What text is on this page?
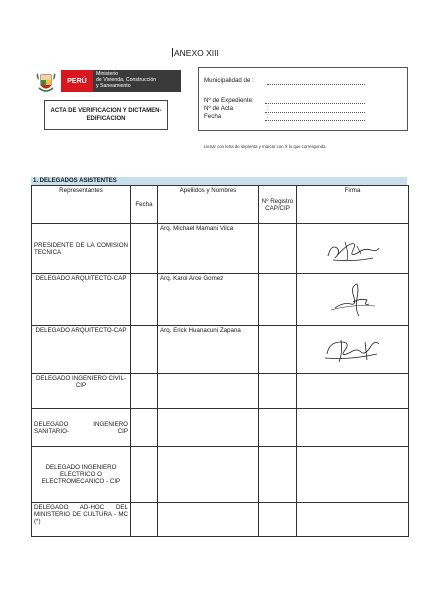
ANEXO XIII
PERÚ
Ministerio
de Vivienda, Construcción
y Saneamiento
ACTA DE VERIFICACION Y DICTAMEN-
EDIFICACION
Municipalidad de :
Nº de Expediente:
Nº de Acta	:
Fecha	:
Llenar con letra de imprenta y marcar con X lo que corresponda
1. DELEGADOS ASISTENTES
Representantes	Fecha	Apellidos y Nombres	Nº Registro CAP/CIP	Firma

PRESIDENTE DE LA COMISION TECNICA		Arq. Michael Mamani Vilca		

DELEGADO ARQUITECTO-CAP		Arq. Karol Arce Gomez		

DELEGADO ARQUITECTO-CAP		Arq. Erick Huanacuni Zapana		

DELEGADO INGENIERO CIVIL-CIP				

DELEGADO INGENIERO SANITARIO- CIP				

DELEGADO INGENIERO ELECTRICO O ELECTROMECANICO - CIP				

DELEGADO AD-HOC DEL MINISTERIO DE CULTURA - MC (*)				
